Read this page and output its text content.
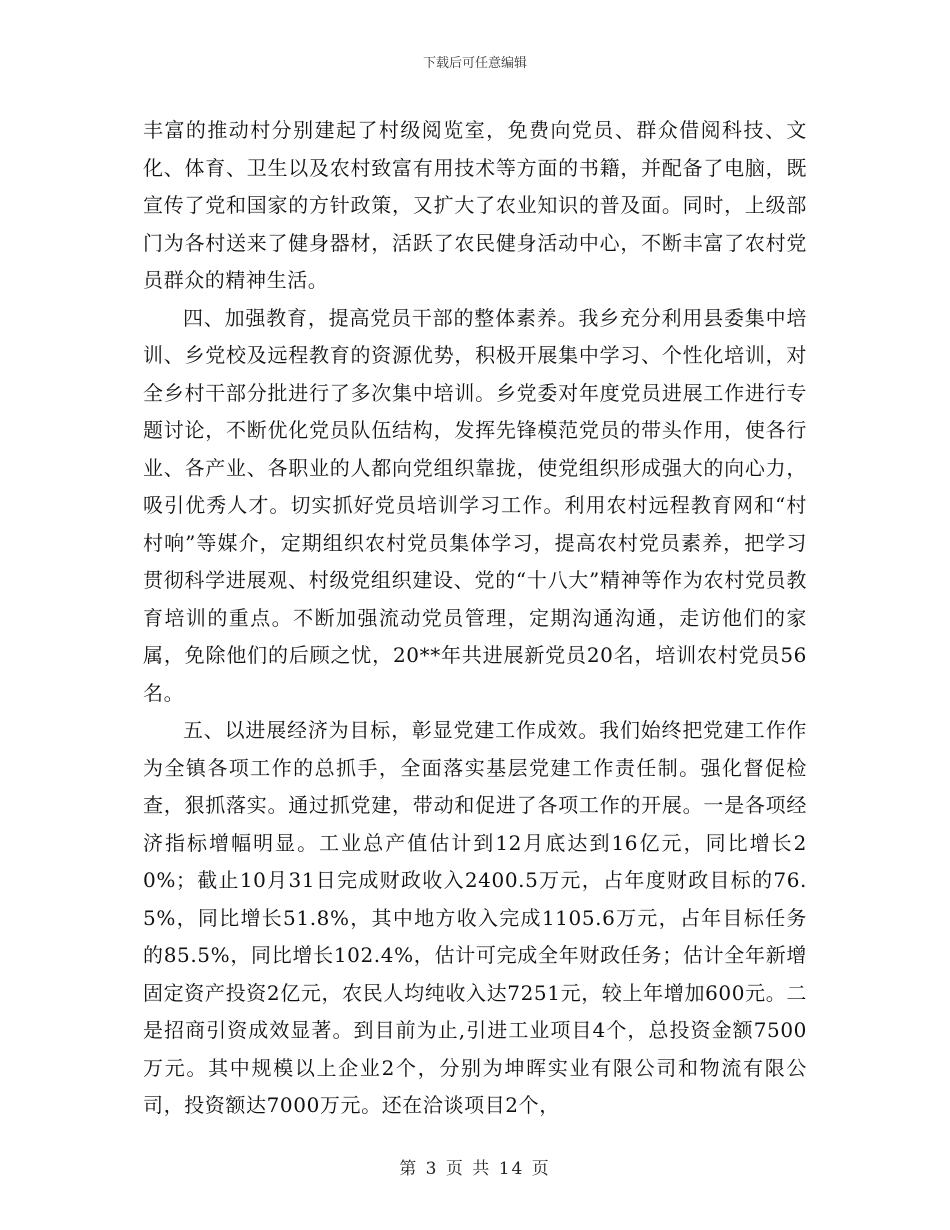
下载后可任意编辑

丰富的推动村分别建起了村级阅览室，免费向党员、群众借阅科技、文化、体育、卫生以及农村致富有用技术等方面的书籍，并配备了电脑，既宣传了党和国家的方针政策，又扩大了农业知识的普及面。同时，上级部门为各村送来了健身器材，活跃了农民健身活动中心，不断丰富了农村党员群众的精神生活。

四、加强教育，提高党员干部的整体素养。我乡充分利用县委集中培训、乡党校及远程教育的资源优势，积极开展集中学习、个性化培训，对全乡村干部分批进行了多次集中培训。乡党委对年度党员进展工作进行专题讨论，不断优化党员队伍结构，发挥先锋模范党员的带头作用，使各行业、各产业、各职业的人都向党组织靠拢，使党组织形成强大的向心力，吸引优秀人才。切实抓好党员培训学习工作。利用农村远程教育网和“村村响”等媒介，定期组织农村党员集体学习，提高农村党员素养，把学习贯彻科学进展观、村级党组织建设、党的“十八大”精神等作为农村党员教育培训的重点。不断加强流动党员管理，定期沟通沟通，走访他们的家属，免除他们的后顾之忧，20**年共进展新党员20名，培训农村党员56名。

五、以进展经济为目标，彰显党建工作成效。我们始终把党建工作作为全镇各项工作的总抓手，全面落实基层党建工作责任制。强化督促检查，狠抓落实。通过抓党建，带动和促进了各项工作的开展。一是各项经济指标增幅明显。工业总产值估计到12月底达到16亿元，同比增长20%；截止10月31日完成财政收入2400.5万元，占年度财政目标的76.5%，同比增长51.8%，其中地方收入完成1105.6万元，占年目标任务的85.5%，同比增长102.4%，估计可完成全年财政任务；估计全年新增固定资产投资2亿元，农民人均纯收入达7251元，较上年增加600元。二是招商引资成效显著。到目前为止,引进工业项目4个，总投资金额7500万元。其中规模以上企业2个，分别为坤晖实业有限公司和物流有限公司，投资额达7000万元。还在洽谈项目2个，

第 3 页 共 14 页
